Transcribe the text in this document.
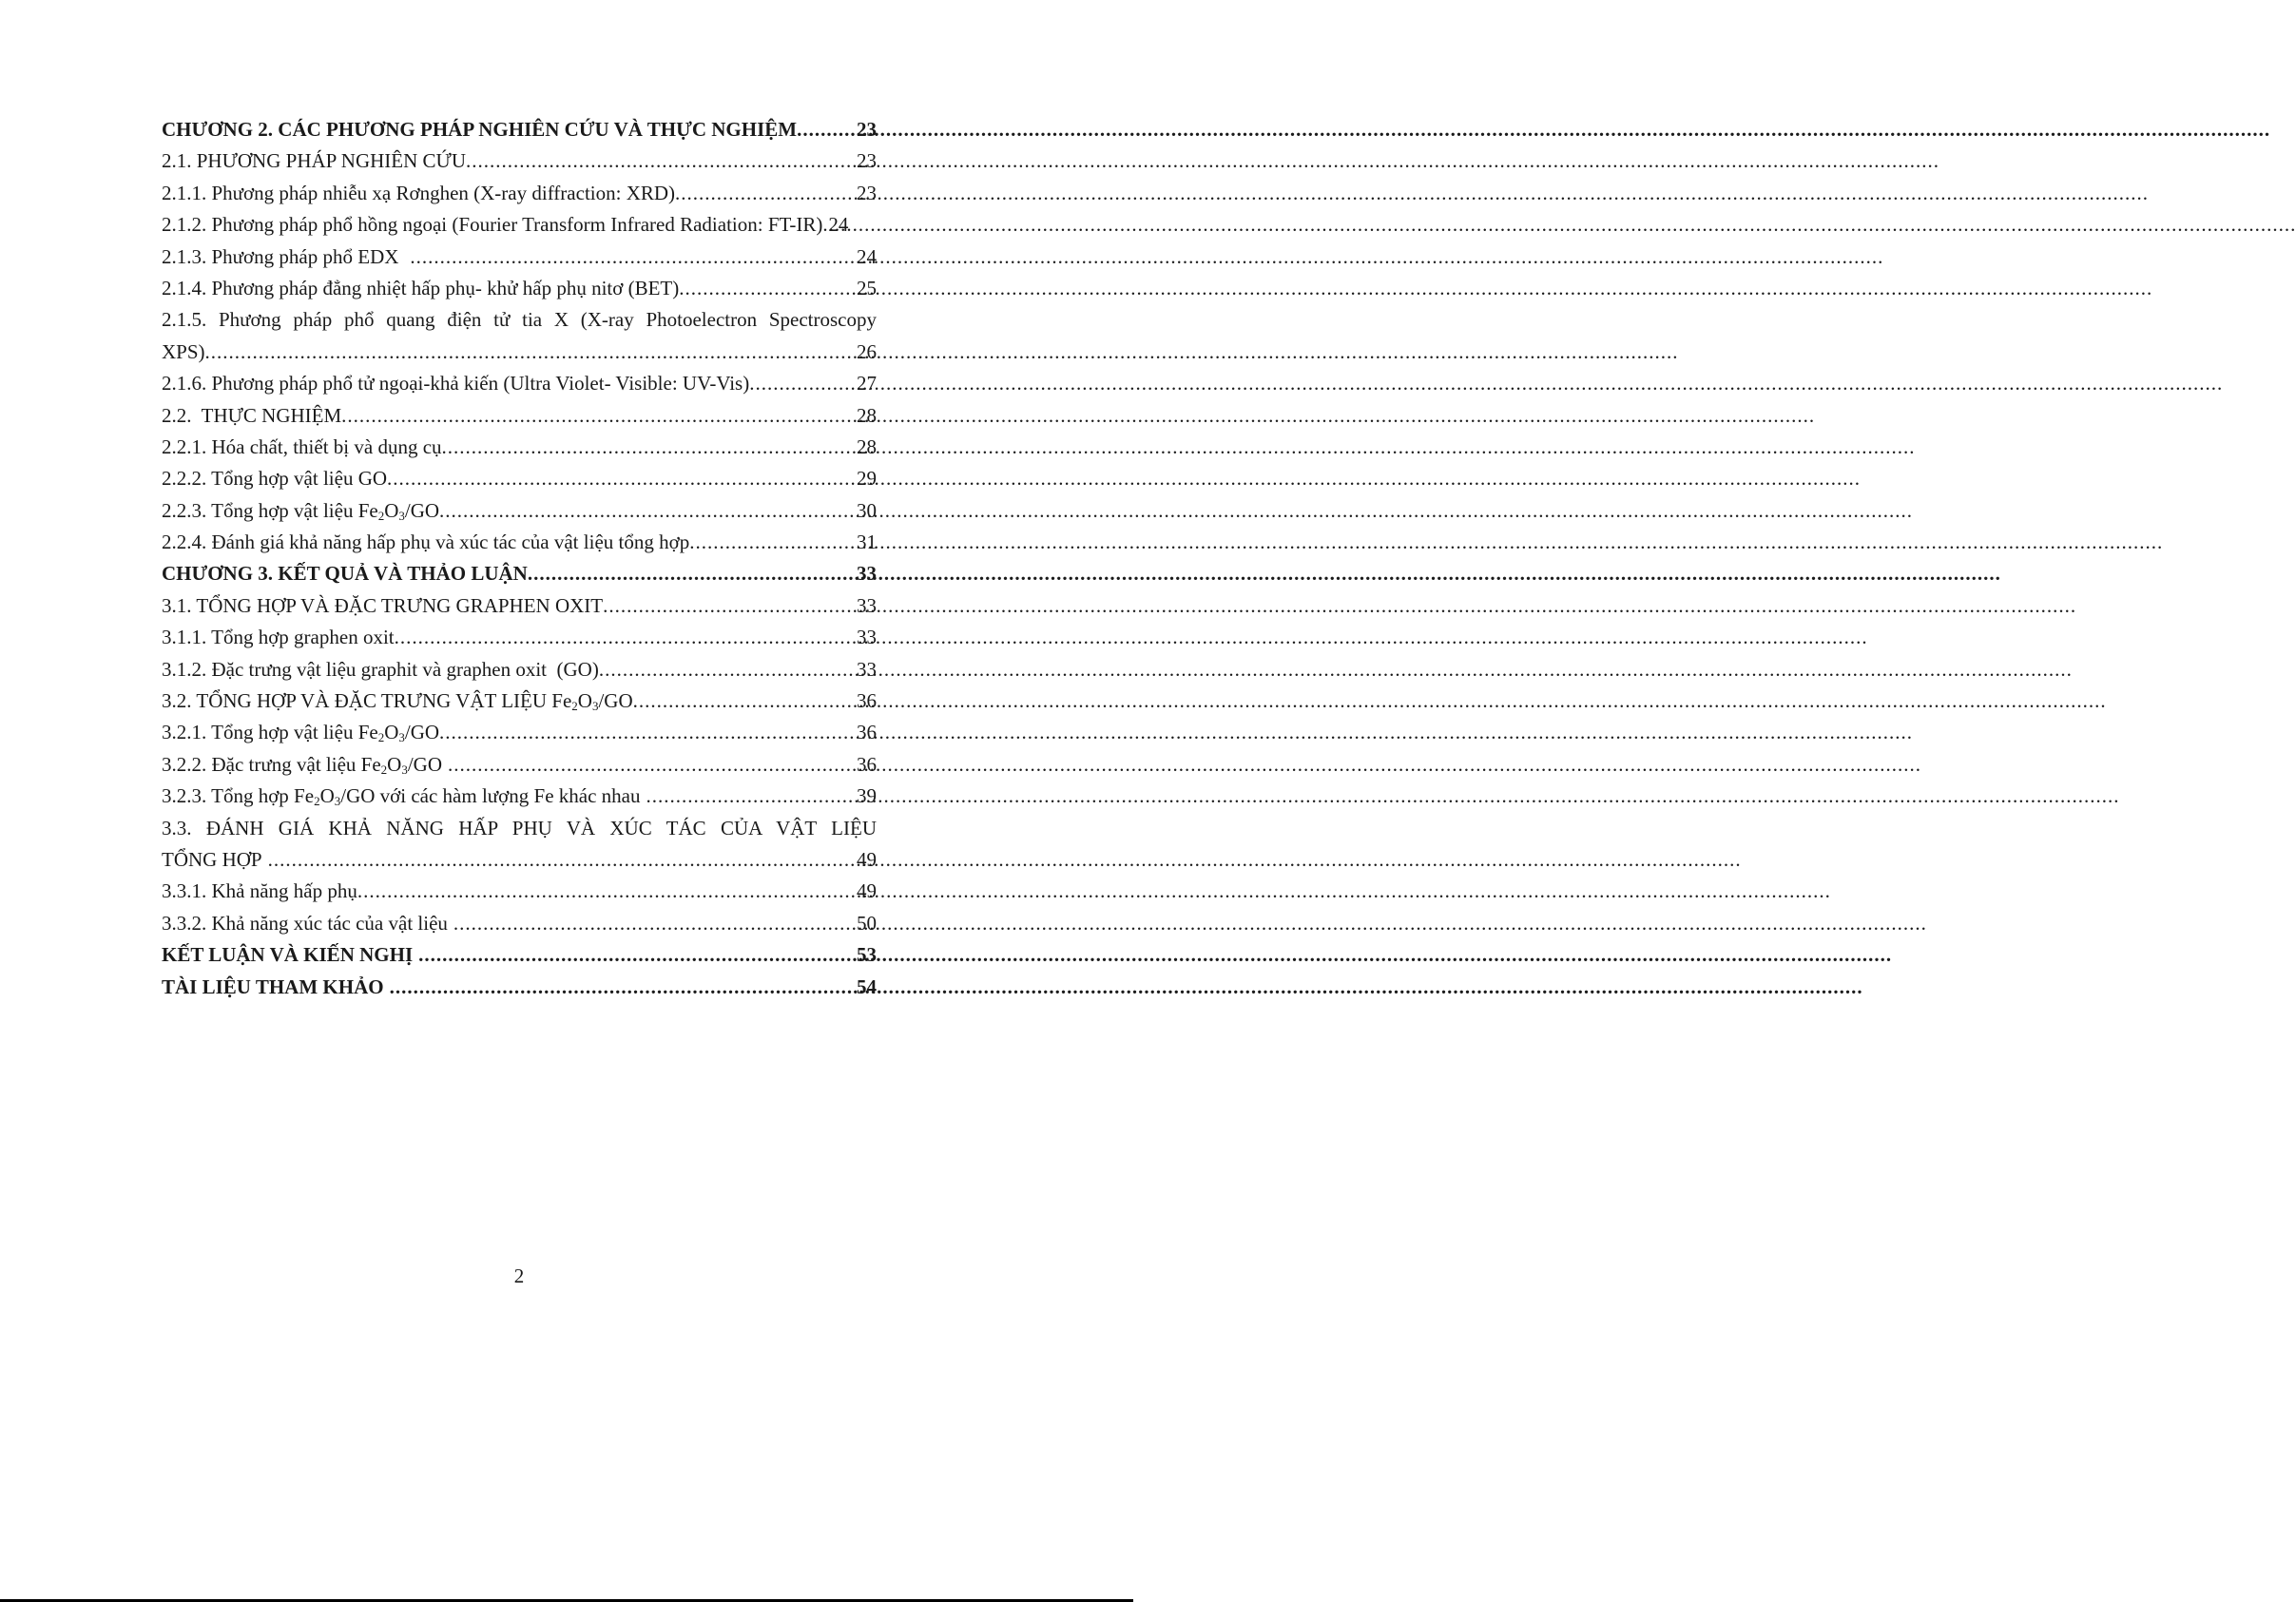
CHƯƠNG 2. CÁC PHƯƠNG PHÁP NGHIÊN CỨU VÀ THỰC NGHIỆM .....	23
2.1. PHƯƠNG PHÁP NGHIÊN CỨU .....	23
2.1.1. Phương pháp nhiễu xạ Rơnghen (X-ray diffraction: XRD) .....	23
2.1.2. Phương pháp phổ hồng ngoại (Fourier Transform Infrared Radiation: FT-IR) ..... 24
2.1.3. Phương pháp phổ EDX .....	24
2.1.4. Phương pháp đẳng nhiệt hấp phụ- khử hấp phụ nitơ (BET) .....	25
2.1.5. Phương pháp phổ quang điện tử tia X (X-ray Photoelectron Spectroscopy
XPS) .....	26
2.1.6. Phương pháp phổ tử ngoại-khả kiến (Ultra Violet- Visible: UV-Vis) .....	27
2.2.  THỰC NGHIỆM .....	28
2.2.1. Hóa chất, thiết bị và dụng cụ .....	28
2.2.2. Tổng hợp vật liệu GO .....	29
2.2.3. Tổng hợp vật liệu $Fe_2O_3/GO$ .....	30
2.2.4. Đánh giá khả năng hấp phụ và xúc tác của vật liệu tổng hợp .....	31
CHƯƠNG 3. KẾT QUẢ VÀ THẢO LUẬN .....	33
3.1. TỔNG HỢP VÀ ĐẶC TRƯNG GRAPHEN OXIT .....	33
3.1.1. Tổng hợp graphen oxit .....	33
3.1.2. Đặc trưng vật liệu graphit và graphen oxit  (GO) .....	33
3.2. TỔNG HỢP VÀ ĐẶC TRƯNG VẬT LIỆU $Fe_2O_3/GO$ .....	36
3.2.1. Tổng hợp vật liệu $Fe_2O_3/GO$ .....	36
3.2.2. Đặc trưng vật liệu $Fe_2O_3/GO$ .....	36
3.2.3. Tổng hợp $Fe_2O_3/GO$ với các hàm lượng Fe khác nhau .....	39
3.3. ĐÁNH GIÁ KHẢ NĂNG HẤP PHỤ VÀ XÚC TÁC CỦA VẬT LIỆU
TỔNG HỢP .....	49
3.3.1. Khả năng hấp phụ .....	49
3.3.2. Khả năng xúc tác của vật liệu .....	50
KẾT LUẬN VÀ KIẾN NGHỊ .....	53
TÀI LIỆU THAM KHẢO .....	54
2
